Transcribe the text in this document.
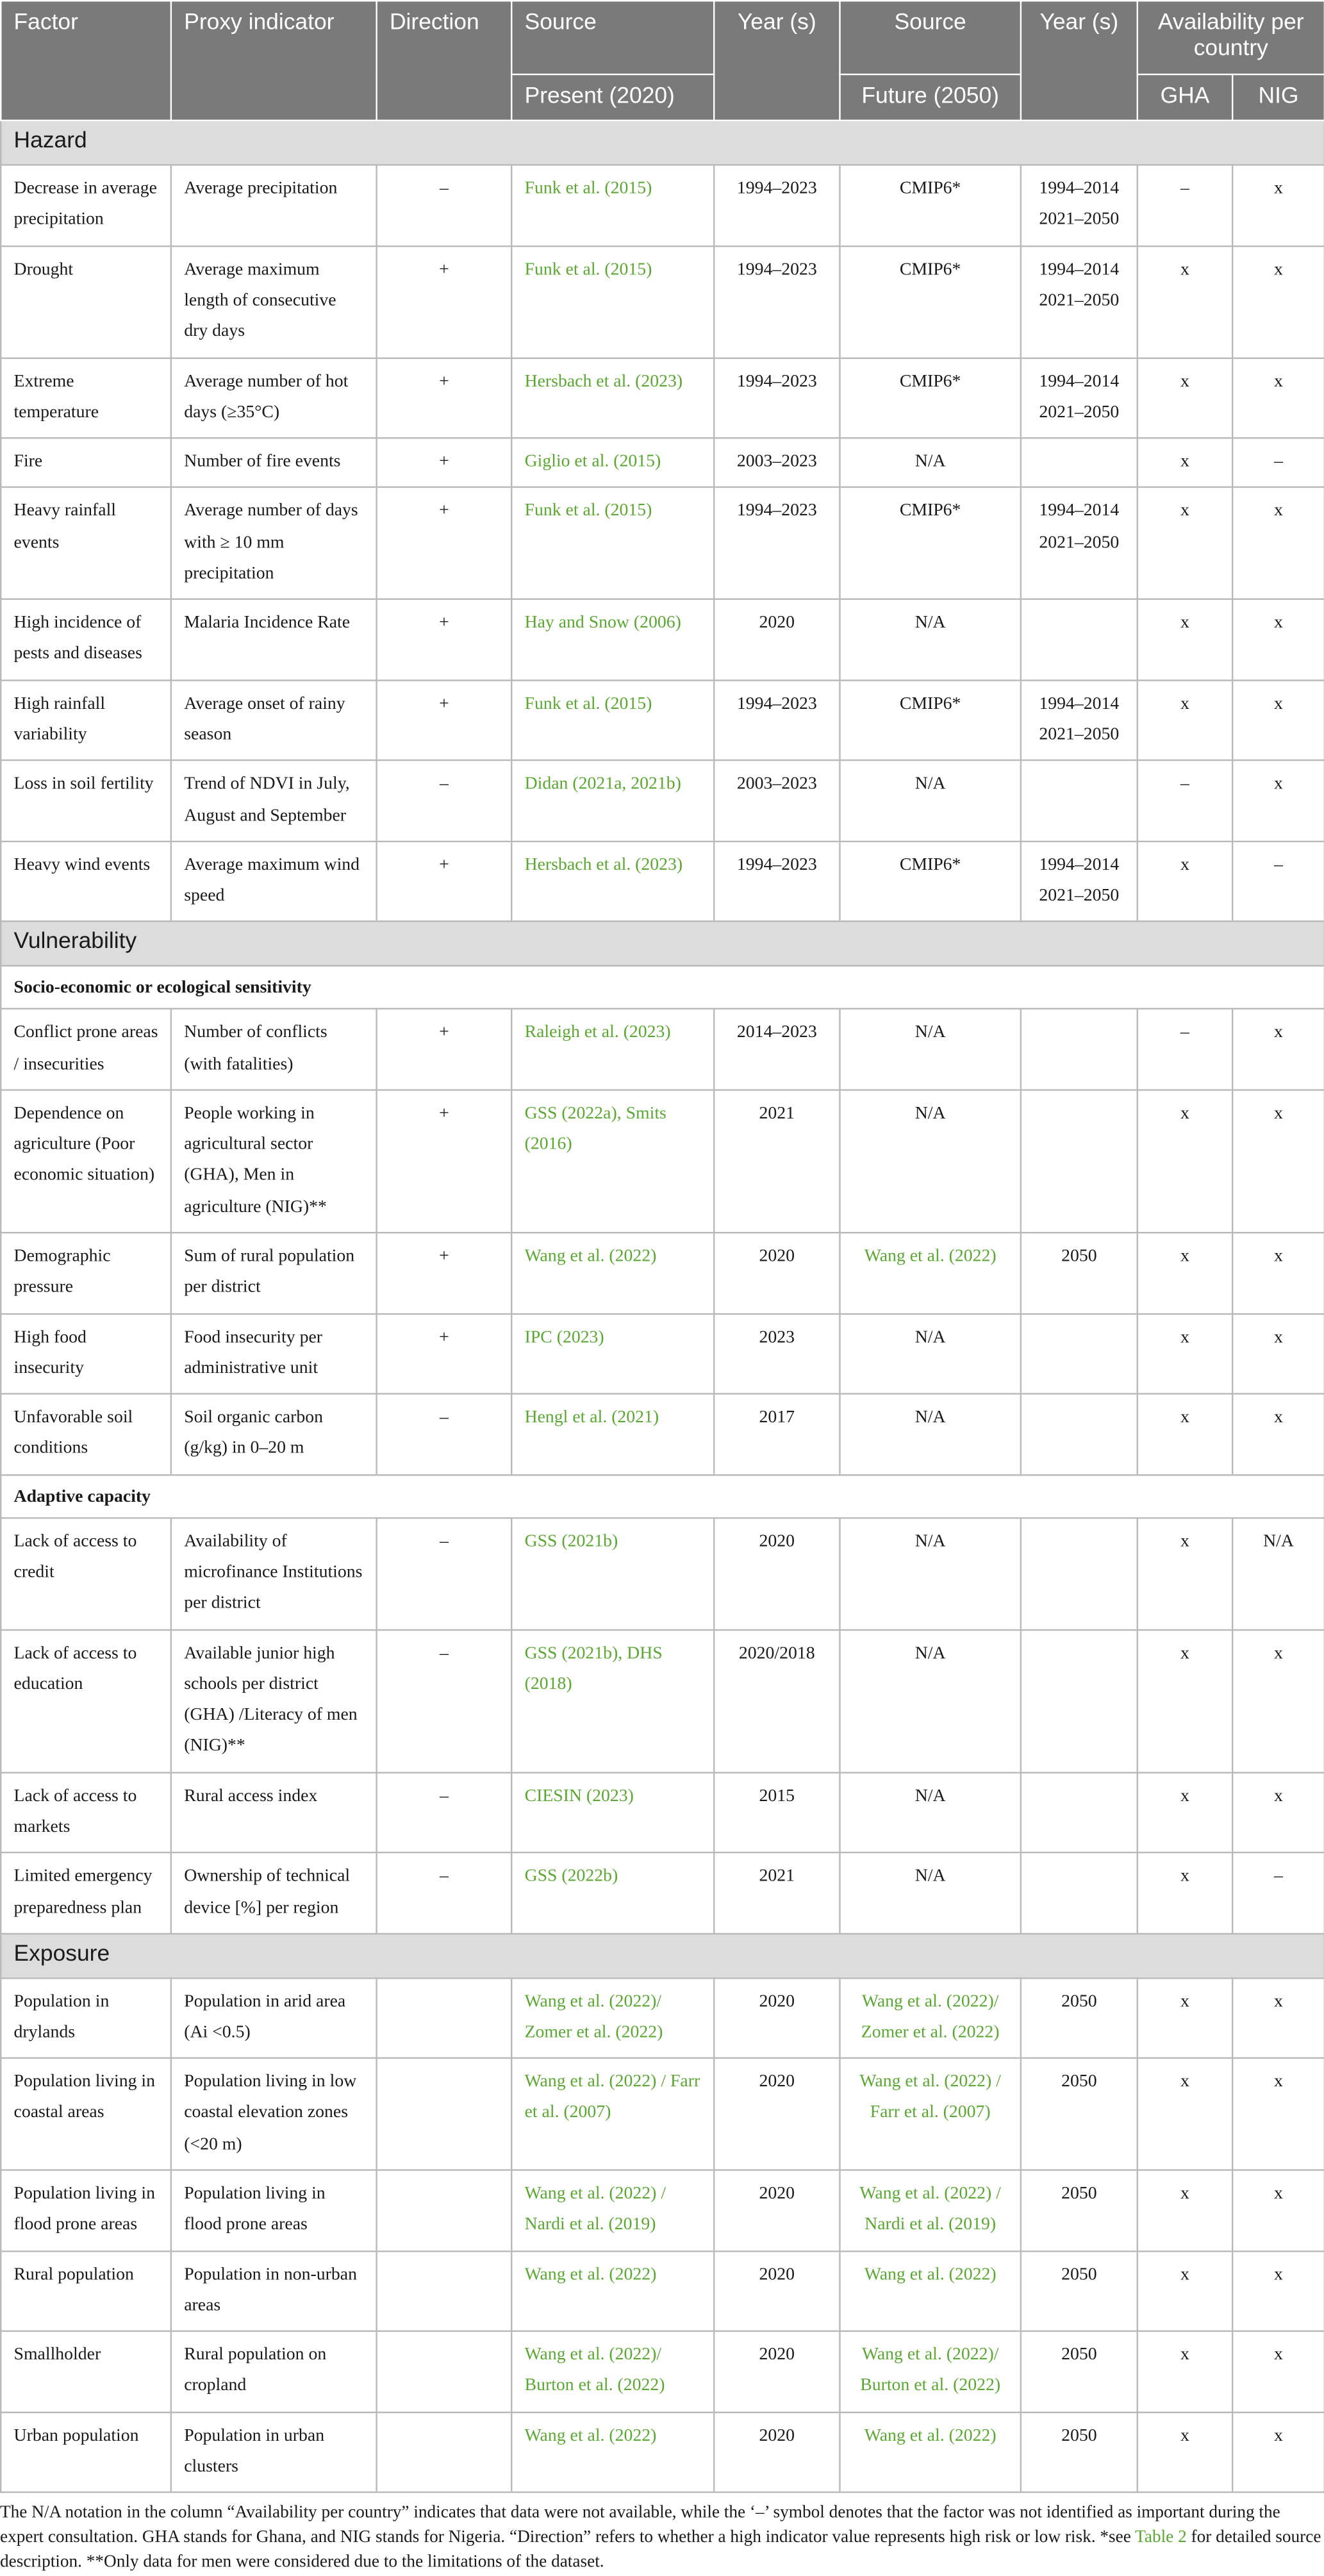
Factor	Proxy indicator	Direction	Source	Year (s)	Source	Year (s)	Availability per country	
			Present (2020)		Future (2050)		GHA	NIG
Hazard								
Decrease in average precipitation	Average precipitation	–	Funk et al. (2015)	1994–2023	CMIP6*	1994–2014 2021–2050	–	x
Drought	Average maximum length of consecutive dry days	+	Funk et al. (2015)	1994–2023	CMIP6*	1994–2014 2021–2050	x	x
Extreme temperature	Average number of hot days (≥35°C)	+	Hersbach et al. (2023)	1994–2023	CMIP6*	1994–2014 2021–2050	x	x
Fire	Number of fire events	+	Giglio et al. (2015)	2003–2023	N/A		x	–
Heavy rainfall events	Average number of days with ≥ 10 mm precipitation	+	Funk et al. (2015)	1994–2023	CMIP6*	1994–2014 2021–2050	x	x
High incidence of pests and diseases	Malaria Incidence Rate	+	Hay and Snow (2006)	2020	N/A		x	x
High rainfall variability	Average onset of rainy season	+	Funk et al. (2015)	1994–2023	CMIP6*	1994–2014 2021–2050	x	x
Loss in soil fertility	Trend of NDVI in July, August and September	–	Didan (2021a, 2021b)	2003–2023	N/A		–	x
Heavy wind events	Average maximum wind speed	+	Hersbach et al. (2023)	1994–2023	CMIP6*	1994–2014 2021–2050	x	–
Vulnerability								
Socio-economic or ecological sensitivity								
Conflict prone areas / insecurities	Number of conflicts (with fatalities)	+	Raleigh et al. (2023)	2014–2023	N/A		–	x
Dependence on agriculture (Poor economic situation)	People working in agricultural sector (GHA), Men in agriculture (NIG)**	+	GSS (2022a), Smits (2016)	2021	N/A		x	x
Demographic pressure	Sum of rural population per district	+	Wang et al. (2022)	2020	Wang et al. (2022)	2050	x	x
High food insecurity	Food insecurity per administrative unit	+	IPC (2023)	2023	N/A		x	x
Unfavorable soil conditions	Soil organic carbon (g/kg) in 0–20 m	–	Hengl et al. (2021)	2017	N/A		x	x
Adaptive capacity								
Lack of access to credit	Availability of microfinance Institutions per district	–	GSS (2021b)	2020	N/A		x	N/A
Lack of access to education	Available junior high schools per district (GHA) /Literacy of men (NIG)**	–	GSS (2021b), DHS (2018)	2020/2018	N/A		x	x
Lack of access to markets	Rural access index	–	CIESIN (2023)	2015	N/A		x	x
Limited emergency preparedness plan	Ownership of technical device [%] per region	–	GSS (2022b)	2021	N/A		x	–
Exposure								
Population in drylands	Population in arid area (Ai <0.5)		Wang et al. (2022)/ Zomer et al. (2022)	2020	Wang et al. (2022)/ Zomer et al. (2022)	2050	x	x
Population living in coastal areas	Population living in low coastal elevation zones (<20 m)		Wang et al. (2022) / Farr et al. (2007)	2020	Wang et al. (2022) / Farr et al. (2007)	2050	x	x
Population living in flood prone areas	Population living in flood prone areas		Wang et al. (2022) / Nardi et al. (2019)	2020	Wang et al. (2022) / Nardi et al. (2019)	2050	x	x
Rural population	Population in non-urban areas		Wang et al. (2022)	2020	Wang et al. (2022)	2050	x	x
Smallholder	Rural population on cropland		Wang et al. (2022)/ Burton et al. (2022)	2020	Wang et al. (2022)/ Burton et al. (2022)	2050	x	x
Urban population	Population in urban clusters		Wang et al. (2022)	2020	Wang et al. (2022)	2050	x	x
The N/A notation in the column “Availability per country” indicates that data were not available, while the ‘–’ symbol denotes that the factor was not identified as important during the expert consultation. GHA stands for Ghana, and NIG stands for Nigeria. “Direction” refers to whether a high indicator value represents high risk or low risk. *see Table 2 for detailed source description. **Only data for men were considered due to the limitations of the dataset.
